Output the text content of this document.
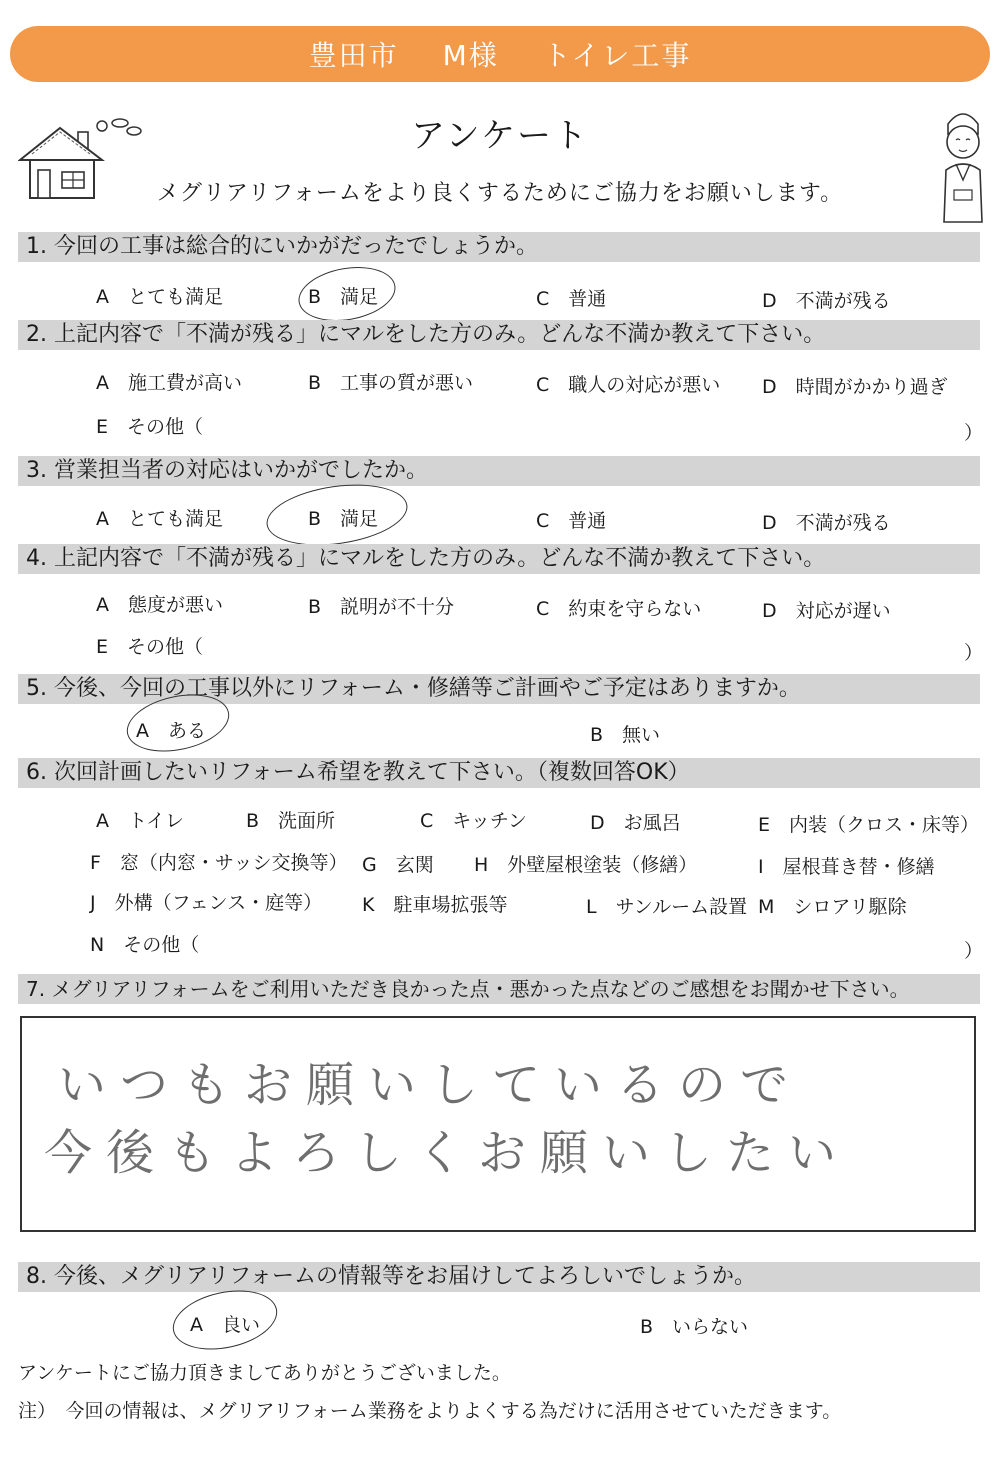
豊田市 M様 トイレ工事
アンケート
メグリアリフォームをより良くするためにご協力をお願いします。
1. 今回の工事は総合的にいかがだったでしょうか。
A　とても満足	B　満足	C　普通	D　不満が残る
2. 上記内容で「不満が残る」にマルをした方のみ。どんな不満か教えて下さい。
A　施工費が高い	B　工事の質が悪い	C　職人の対応が悪い D　時間がかかり過ぎ
E　その他（	）
3. 営業担当者の対応はいかがでしたか。
A　とても満足	B　満足	C　普通	D　不満が残る
4. 上記内容で「不満が残る」にマルをした方のみ。どんな不満か教えて下さい。
A　態度が悪い	B　説明が不十分	C　約束を守らない	D　対応が遅い
E　その他（	）
5. 今後、今回の工事以外にリフォーム・修繕等ご計画やご予定はありますか。
A　ある	B　無い
6. 次回計画したいリフォーム希望を教えて下さい。（複数回答OK）
A　トイレ	B　洗面所	C　キッチン	D　お風呂	E　内装（クロス・床等）
F　窓（内窓・サッシ交換等） G　玄関 H　外壁屋根塗装（修繕）	I　屋根葺き替・修繕
J　外構（フェンス・庭等） K　駐車場拡張等	L　サンルーム設置 M　シロアリ駆除
N　その他（	）
7. メグリアリフォームをご利用いただき良かった点・悪かった点などのご感想をお聞かせ下さい。
いつもお願いしているので
今後もよろしくお願いしたい
8. 今後、メグリアリフォームの情報等をお届けしてよろしいでしょうか。
A　良い	B　いらない
アンケートにご協力頂きましてありがとうございました。
注）　今回の情報は、メグリアリフォーム業務をよりよくする為だけに活用させていただきます。
